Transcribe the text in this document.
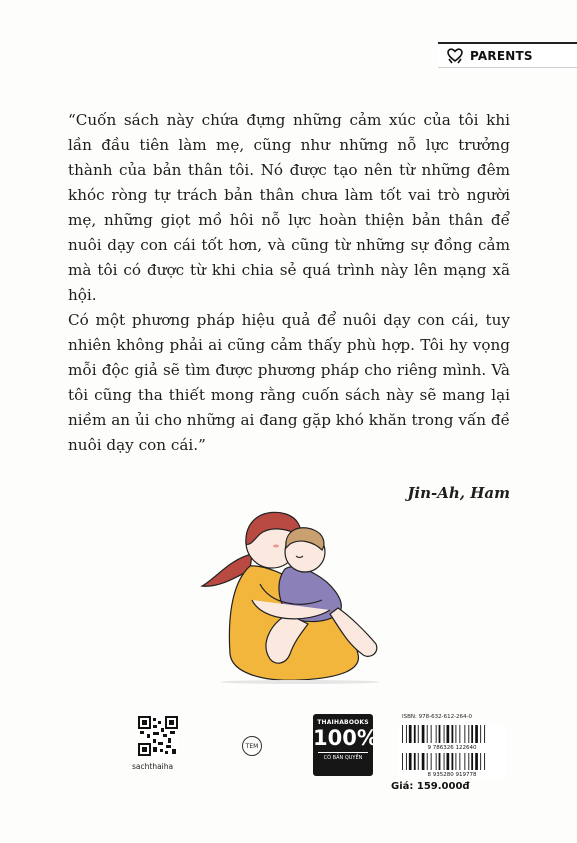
PARENTS

“Cuốn sách này chứa đựng những cảm xúc của tôi khi lần đầu tiên làm mẹ, cũng như những nỗ lực trưởng thành của bản thân tôi. Nó được tạo nên từ những đêm khóc ròng tự trách bản thân chưa làm tốt vai trò người mẹ, những giọt mồ hôi nỗ lực hoàn thiện bản thân để nuôi dạy con cái tốt hơn, và cũng từ những sự đồng cảm mà tôi có được từ khi chia sẻ quá trình này lên mạng xã hội.

Có một phương pháp hiệu quả để nuôi dạy con cái, tuy nhiên không phải ai cũng cảm thấy phù hợp. Tôi hy vọng mỗi độc giả sẽ tìm được phương pháp cho riêng mình. Và tôi cũng tha thiết mong rằng cuốn sách này sẽ mang lại niềm an ủi cho những ai đang gặp khó khăn trong vấn đề nuôi dạy con cái.”

Jin-Ah, Ham
sachthaiha
TEM
THAIHABOOKS
100%
CÓ BẢN QUYỀN
ISBN: 978-632-612-264-0
9 786326 122640
8 935280 919778
Giá: 159.000đ
